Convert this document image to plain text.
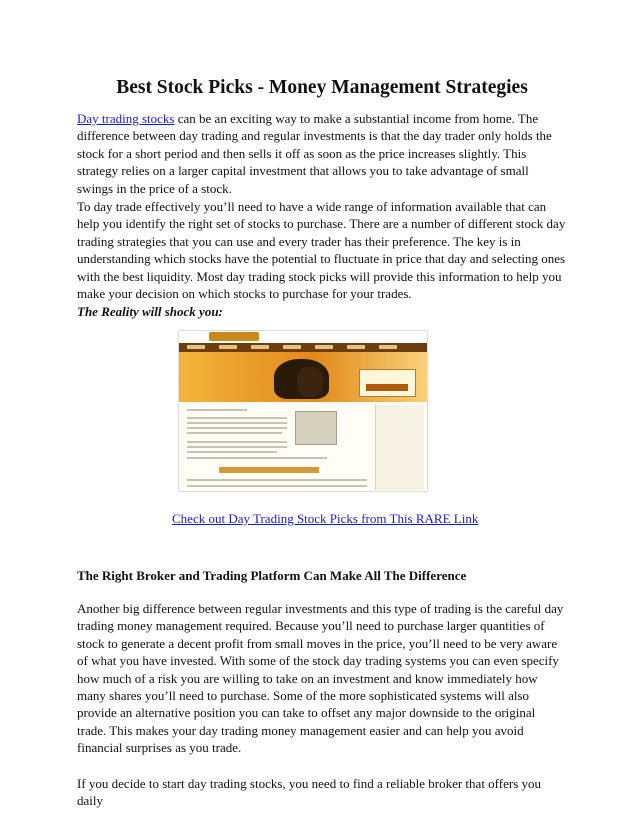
Best Stock Picks - Money Management Strategies

Day trading stocks can be an exciting way to make a substantial income from home. The difference between day trading and regular investments is that the day trader only holds the stock for a short period and then sells it off as soon as the price increases slightly. This strategy relies on a larger capital investment that allows you to take advantage of small swings in the price of a stock.

To day trade effectively you’ll need to have a wide range of information available that can help you identify the right set of stocks to purchase. There are a number of different stock day trading strategies that you can use and every trader has their preference. The key is in understanding which stocks have the potential to fluctuate in price that day and selecting ones with the best liquidity. Most day trading stock picks will provide this information to help you make your decision on which stocks to purchase for your trades.

The Reality will shock you:

Check out Day Trading Stock Picks from This RARE Link
The Right Broker and Trading Platform Can Make All The Difference

Another big difference between regular investments and this type of trading is the careful day trading money management required. Because you’ll need to purchase larger quantities of stock to generate a decent profit from small moves in the price, you’ll need to be very aware of what you have invested. With some of the stock day trading systems you can even specify how much of a risk you are willing to take on an investment and know immediately how many shares you’ll need to purchase. Some of the more sophisticated systems will also provide an alternative position you can take to offset any major downside to the original trade. This makes your day trading money management easier and can help you avoid financial surprises as you trade.

If you decide to start day trading stocks, you need to find a reliable broker that offers you daily
